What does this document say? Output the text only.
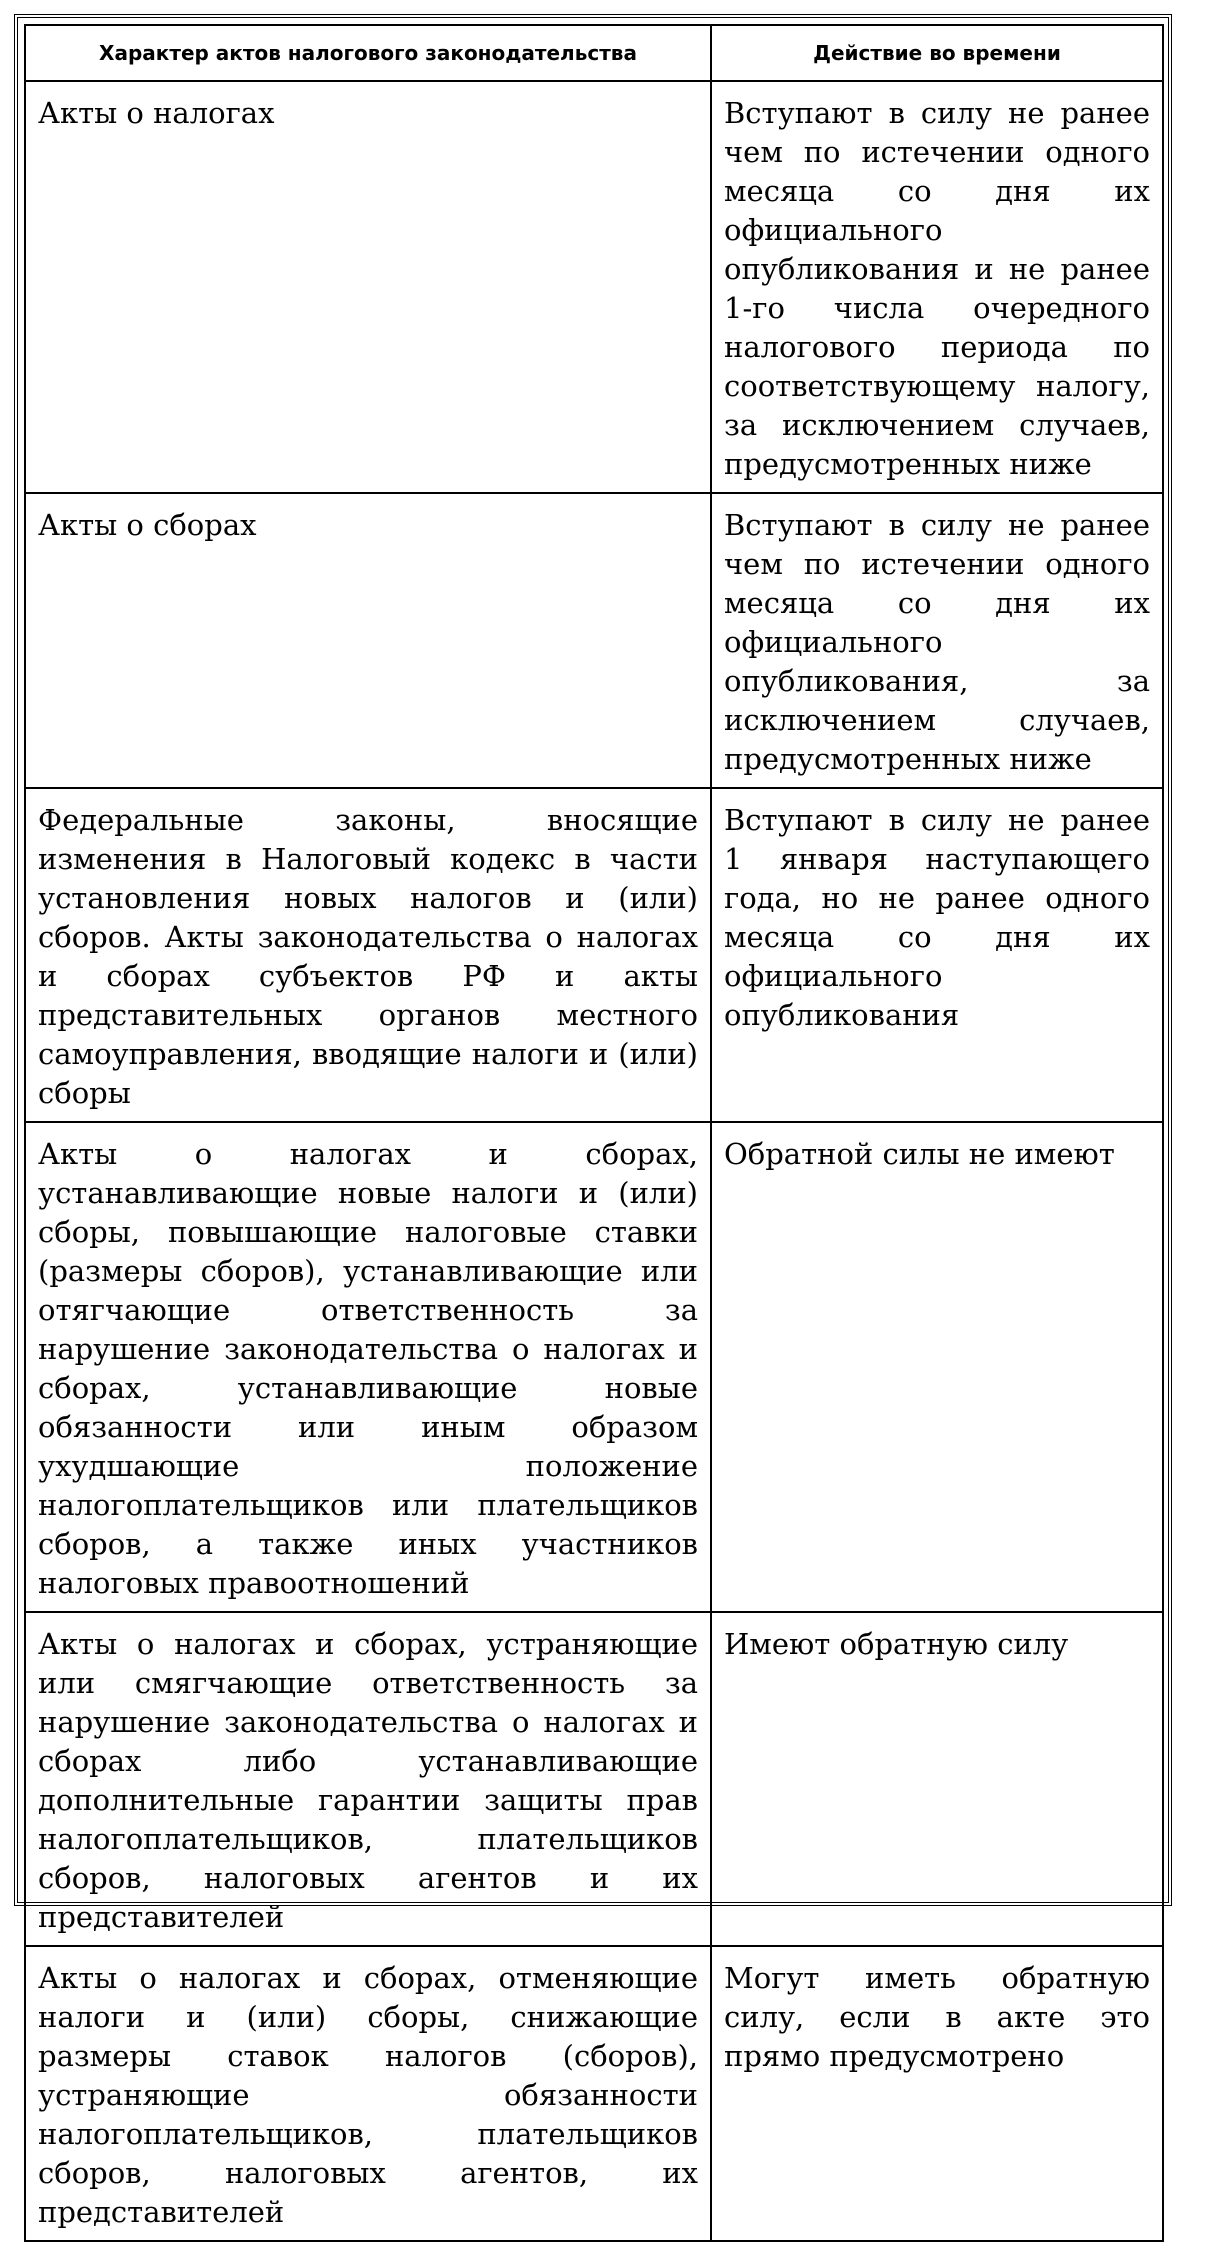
Характер актов налогового законодательства	Действие во времени
Акты о налогах	Вступают в силу не ранее чем по истечении одного месяца со дня их официального опубликования и не ранее 1-го числа очередного налогового периода по соответствующему налогу, за исключением случаев, предусмотренных ниже
Акты о сборах	Вступают в силу не ранее чем по истечении одного месяца со дня их официального опубликования, за исключением случаев, предусмотренных ниже
Федеральные законы, вносящие изменения в Налоговый кодекс в части установления новых налогов и (или) сборов. Акты законодательства о налогах и сборах субъектов РФ и акты представительных органов местного самоуправления, вводящие налоги и (или) сборы	Вступают в силу не ранее 1 января наступающего года, но не ранее одного месяца со дня их официального опубликования
Акты о налогах и сборах, устанавливающие новые налоги и (или) сборы, повышающие налоговые ставки (размеры сборов), устанавливающие или отягчающие ответственность за нарушение законодательства о налогах и сборах, устанавливающие новые обязанности или иным образом ухудшающие положение налогоплательщиков или плательщиков сборов, а также иных участников налоговых правоотношений	Обратной силы не имеют
Акты о налогах и сборах, устраняющие или смягчающие ответственность за нарушение законодательства о налогах и сборах либо устанавливающие дополнительные гарантии защиты прав налогоплательщиков, плательщиков сборов, налоговых агентов и их представителей	Имеют обратную силу
Акты о налогах и сборах, отменяющие налоги и (или) сборы, снижающие размеры ставок налогов (сборов), устраняющие обязанности налогоплательщиков, плательщиков сборов, налоговых агентов, их представителей	Могут иметь обратную силу, если в акте это прямо предусмотрено
